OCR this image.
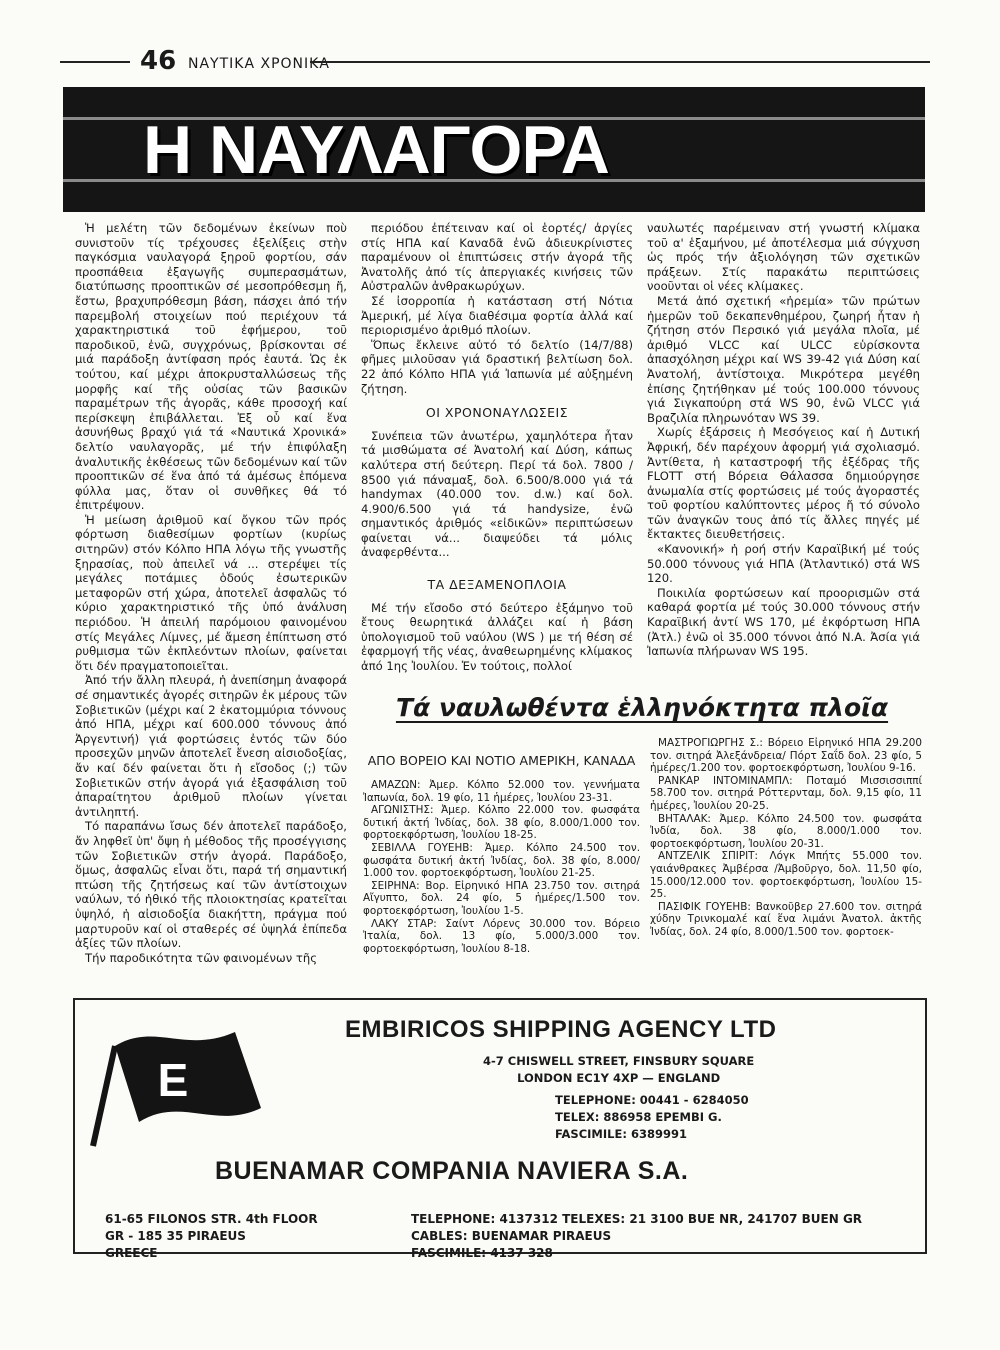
46 ΝΑΥΤΙΚΑ ΧΡΟΝΙΚΑ
Η ΝΑΥΛΑΓΟΡΑ

Ἡ μελέτη τῶν δεδομένων ἐκείνων ποὺ συνιστοῦν τίς τρέχουσες ἐξελίξεις στὴν παγκόσμια ναυλαγορά ξηροῦ φορτίου, σάν προσπάθεια ἐξαγωγῆς συμπερασμάτων, διατύπωσης προοπτικῶν σέ μεσοπρόθεσμη ἤ, ἔστω, βραχυπρόθεσμη βάση, πάσχει ἀπό τήν παρεμβολή στοιχείων πού περιέχουν τά χαρακτηριστικά τοῦ ἐφήμερου, τοῦ παροδικοῦ, ἐνῶ, συγχρόνως, βρίσκονται σέ μιά παράδοξη ἀντίφαση πρός ἑαυτά. Ὡς ἐκ τούτου, καί μέχρι ἀποκρυσταλλώσεως τῆς μορφῆς καί τῆς οὐσίας τῶν βασικῶν παραμέτρων τῆς ἀγορᾶς, κάθε προσοχή καί περίσκεψη ἐπιβάλλεται. Ἐξ οὗ καί ἕνα ἀσυνήθως βραχύ γιά τά «Ναυτικά Χρονικά» δελτίο ναυλαγορᾶς, μέ τήν ἐπιφύλαξη ἀναλυτικῆς ἐκθέσεως τῶν δεδομένων καί τῶν προοπτικῶν σέ ἕνα ἀπό τά ἀμέσως ἑπόμενα φύλλα μας, ὅταν οἱ συνθῆκες θά τό ἐπιτρέψουν.

Ἡ μείωση ἀριθμοῦ καί ὄγκου τῶν πρός φόρτωση διαθεσίμων φορτίων (κυρίως σιτηρῶν) στόν Κόλπο ΗΠΑ λόγω τῆς γνωστῆς ξηρασίας, ποὺ ἀπειλεῖ νά ... στερέψει τίς μεγάλες ποτάμιες ὁδούς ἐσωτερικῶν μεταφορῶν στή χώρα, ἀποτελεῖ ἀσφαλῶς τό κύριο χαρακτηριστικό τῆς ὑπό ἀνάλυση περιόδου. Ἡ ἀπειλή παρόμοιου φαινομένου στίς Μεγάλες Λίμνες, μέ ἄμεση ἐπίπτωση στό ρυθμισμα τῶν ἐκπλεόντων πλοίων, φαίνεται ὅτι δέν πραγματοποιεῖται.

Ἀπό τήν ἄλλη πλευρά, ἡ ἀνεπίσημη ἀναφορά σέ σημαντικές ἀγορές σιτηρῶν ἐκ μέρους τῶν Σοβιετικῶν (μέχρι καί 2 ἑκατομμύρια τόννους ἀπό ΗΠΑ, μέχρι καί 600.000 τόννους ἀπό Ἀργεντινή) γιά φορτώσεις ἐντός τῶν δύο προσεχῶν μηνῶν ἀποτελεῖ ἔνεση αἰσιοδοξίας, ἄν καί δέν φαίνεται ὅτι ἡ εἴσοδος (;) τῶν Σοβιετικῶν στήν ἀγορά γιά ἐξασφάλιση τοῦ ἀπαραίτητου ἀριθμοῦ πλοίων γίνεται ἀντιληπτή.

Τό παραπάνω ἴσως δέν ἀποτελεῖ παράδοξο, ἄν ληφθεῖ ὑπ' ὄψη ἡ μέθοδος τῆς προσέγγισης τῶν Σοβιετικῶν στήν ἀγορά. Παράδοξο, ὅμως, ἀσφαλῶς εἶναι ὅτι, παρά τή σημαντική πτώση τῆς ζητήσεως καί τῶν ἀντίστοιχων ναύλων, τό ἠθικό τῆς πλοιοκτησίας κρατεῖται ὑψηλό, ἡ αἰσιοδοξία διακήττη, πράγμα πού μαρτυροῦν καί οἱ σταθερές σέ ὑψηλά ἐπίπεδα ἀξίες τῶν πλοίων.

Τήν παροδικότητα τῶν φαινομένων τῆς

περιόδου ἐπέτειναν καί οἱ ἑορτές/ ἀργίες στίς ΗΠΑ καί Καναδᾶ ἐνῶ ἀδιευκρίνιστες παραμένουν οἱ ἐπιπτώσεις στήν ἀγορά τῆς Ἀνατολῆς ἀπό τίς ἀπεργιακές κινήσεις τῶν Αὐστραλῶν ἀνθρακωρύχων.

Σέ ἰσορροπία ἡ κατάσταση στή Νότια Ἀμερική, μέ λίγα διαθέσιμα φορτία ἀλλά καί περιορισμένο ἀριθμό πλοίων.

Ὅπως ἔκλεινε αὐτό τό δελτίο (14/7/88) φῆμες μιλοῦσαν γιά δραστική βελτίωση δολ. 22 ἀπό Κόλπο ΗΠΑ γιά Ἰαπωνία μέ αὐξημένη ζήτηση.

ΟΙ ΧΡΟΝΟΝΑΥΛΩΣΕΙΣ

Συνέπεια τῶν ἀνωτέρω, χαμηλότερα ἦταν τά μισθώματα σέ Ἀνατολή καί Δύση, κάπως καλύτερα στή δεύτερη. Περί τά δολ. 7800 / 8500 γιά πάναμαξ, δολ. 6.500/8.000 γιά τά handymax (40.000 τον. d.w.) καί δολ. 4.900/6.500 γιά τά handysize, ἐνῶ σημαντικός ἀριθμός «εἰδικῶν» περιπτώσεων φαίνεται νά... διαψεύδει τά μόλις ἀναφερθέντα...

ΤΑ ΔΕΞΑΜΕΝΟΠΛΟΙΑ

Μέ τήν εἴσοδο στό δεύτερο ἑξάμηνο τοῦ ἔτους θεωρητικά ἀλλάζει καί ἡ βάση ὑπολογισμοῦ τοῦ ναύλου (WS ) με τή θέση σέ ἐφαρμογή τῆς νέας, ἀναθεωρημένης κλίμακος ἀπό 1ης Ἰουλίου. Ἐν τούτοις, πολλοί

ναυλωτές παρέμειναν στή γνωστή κλίμακα τοῦ α' ἑξαμήνου, μέ ἀποτέλεσμα μιά σύγχυση ὡς πρός τήν ἀξιολόγηση τῶν σχετικῶν πράξεων. Στίς παρακάτω περιπτώσεις νοοῦνται οἱ νέες κλίμακες.

Μετά ἀπό σχετική «ἠρεμία» τῶν πρώτων ἡμερῶν τοῦ δεκαπενθημέρου, ζωηρή ἦταν ἡ ζήτηση στόν Περσικό γιά μεγάλα πλοῖα, μέ ἀριθμό VLCC καί ULCC εὑρίσκοντα ἀπασχόληση μέχρι καί WS 39-42 γιά Δύση καί Ἀνατολή, ἀντίστοιχα. Μικρότερα μεγέθη ἐπίσης ζητήθηκαν μέ τούς 100.000 τόννους γιά Σιγκαπούρη στά WS 90, ἐνῶ VLCC γιά Βραζιλία πληρωνόταν WS 39.

Χωρίς ἐξάρσεις ἡ Μεσόγειος καί ἡ Δυτική Ἀφρική, δέν παρέχουν ἀφορμή γιά σχολιασμό. Ἀντίθετα, ἡ καταστροφή τῆς ἐξέδρας τῆς FLOTT στή Βόρεια Θάλασσα δημιούργησε ἀνωμαλία στίς φορτώσεις μέ τούς ἀγοραστές τοῦ φορτίου καλύπτοντες μέρος ἤ τό σύνολο τῶν ἀναγκῶν τους ἀπό τίς ἄλλες πηγές μέ ἔκτακτες διευθετήσεις.

«Κανονική» ἡ ροή στήν Καραϊβική μέ τούς 50.000 τόννους γιά ΗΠΑ (Ἀτλαντικό) στά WS 120.

Ποικιλία φορτώσεων καί προορισμῶν στά καθαρά φορτία μέ τούς 30.000 τόννους στήν Καραϊβική ἀντί WS 170, μέ ἐκφόρτωση ΗΠΑ (Ἀτλ.) ἐνῶ οἱ 35.000 τόννοι ἀπό Ν.Α. Ἀσία γιά Ἰαπωνία πλήρωναν WS 195.

Τά ναυλωθέντα ἑλληνόκτητα πλοῖα
ΑΠΟ ΒΟΡΕΙΟ ΚΑΙ ΝΟΤΙΟ ΑΜΕΡΙΚΗ, ΚΑΝΑΔΑ

ΑΜΑΖΩΝ: Ἀμερ. Κόλπο 52.000 τον. γεννήματα Ἰαπωνία, δολ. 19 φίο, 11 ἡμέρες, Ἰουλίου 23-31.

ΑΓΩΝΙΣΤΗΣ: Ἀμερ. Κόλπο 22.000 τον. φωσφάτα δυτική ἀκτή Ἰνδίας, δολ. 38 φίο, 8.000/1.000 τον. φορτοεκφόρτωση, Ἰουλίου 18-25.

ΣΕΒΙΛΛΑ ΓΟΥΕΗΒ: Ἀμερ. Κόλπο 24.500 τον. φωσφάτα δυτική ἀκτή Ἰνδίας, δολ. 38 φίο, 8.000/ 1.000 τον. φορτοεκφόρτωση, Ἰουλίου 21-25.

ΣΕΙΡΗΝΑ: Βορ. Εἰρηνικό ΗΠΑ 23.750 τον. σιτηρά Αἴγυπτο, δολ. 24 φίο, 5 ἡμέρες/1.500 τον. φορτοεκφόρτωση, Ἰουλίου 1-5.

ΛΑΚΥ ΣΤΑΡ: Σαίντ Λόρενς 30.000 τον. Βόρειο Ἰταλία, δολ. 13 φίο, 5.000/3.000 τον. φορτοεκφόρτωση, Ἰουλίου 8-18.

ΜΑΣΤΡΟΓΙΩΡΓΗΣ Σ.: Βόρειο Εἰρηνικό ΗΠΑ 29.200 τον. σιτηρά Ἀλεξάνδρεια/ Πόρτ Σαΐδ δολ. 23 φίο, 5 ἡμέρες/1.200 τον. φορτοεκφόρτωση, Ἰουλίου 9-16.

ΡΑΝΚΑΡ ΙΝΤΟΜΙΝΑΜΠΛ: Ποταμό Μισσισσιππί 58.700 τον. σιτηρά Ρόττερνταμ, δολ. 9,15 φίο, 11 ἡμέρες, Ἰουλίου 20-25.

ΒΗΤΑΛΑΚ: Ἀμερ. Κόλπο 24.500 τον. φωσφάτα Ἰνδία, δολ. 38 φίο, 8.000/1.000 τον. φορτοεκφόρτωση, Ἰουλίου 20-31.

ΑΝΤΖΕΛΙΚ ΣΠΙΡΙΤ: Λόγκ Μπήτς 55.000 τον. γαιάνθρακες Ἀμβέρσα /Ἀμβοῦργο, δολ. 11,50 φίο, 15.000/12.000 τον. φορτοεκφόρτωση, Ἰουλίου 15-25.

ΠΑΣΙΦΙΚ ΓΟΥΕΗΒ: Βανκοῦβερ 27.600 τον. σιτηρά χύδην Τρινκομαλέ καί ἕνα λιμάνι Ἀνατολ. ἀκτῆς Ἰνδίας, δολ. 24 φίο, 8.000/1.500 τον. φορτοεκ-

E
EMBIRICOS SHIPPING AGENCY LTD
4-7 CHISWELL STREET, FINSBURY SQUARE
LONDON EC1Y 4XP — ENGLAND
TELEPHONE: 00441 - 6284050
TELEX: 886958 EPEMBI G.
FASCIMILE: 6389991
BUENAMAR COMPANIA NAVIERA S.A.
61-65 FILONOS STR. 4th FLOOR
GR - 185 35 PIRAEUS
GREECE
TELEPHONE: 4137312 TELEXES: 21 3100 BUE NR, 241707 BUEN GR
CABLES: BUENAMAR PIRAEUS
FASCIMILE: 4137 328
